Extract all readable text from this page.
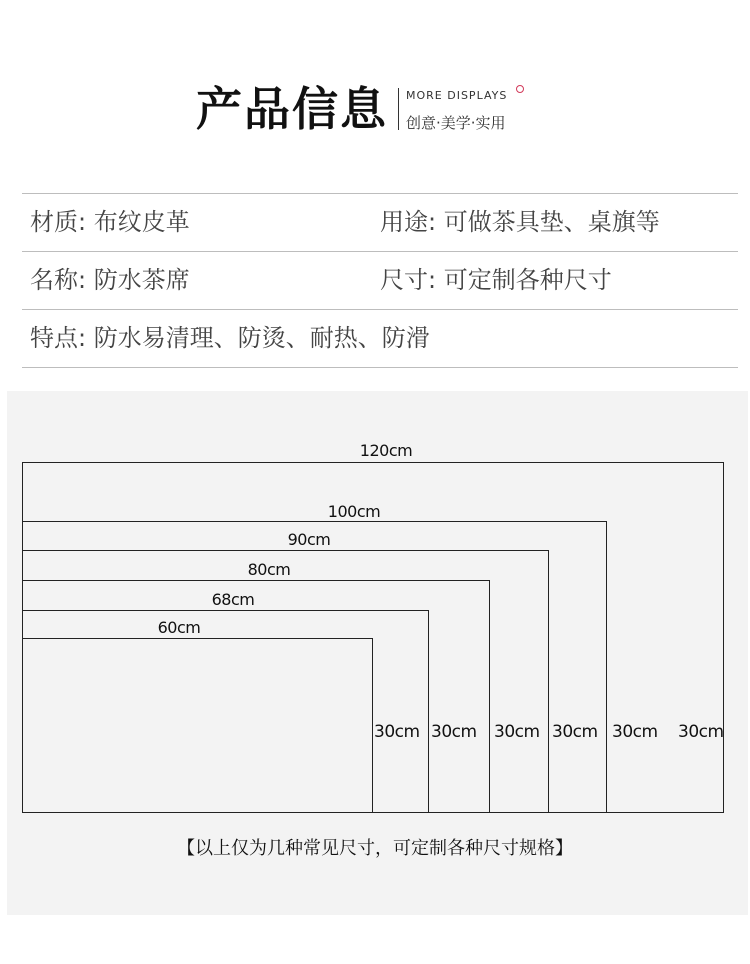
产品信息 MORE DISPLAYS
创意·美学·实用
材质: 布纹皮革	用途: 可做茶具垫、桌旗等
名称: 防水茶席	尺寸: 可定制各种尺寸
特点: 防水易清理、防烫、耐热、防滑
120cm
100cm
90cm
80cm
68cm
60cm
30cm 30cm 30cm 30cm 30cm 30cm
【以上仅为几种常见尺寸，可定制各种尺寸规格】
